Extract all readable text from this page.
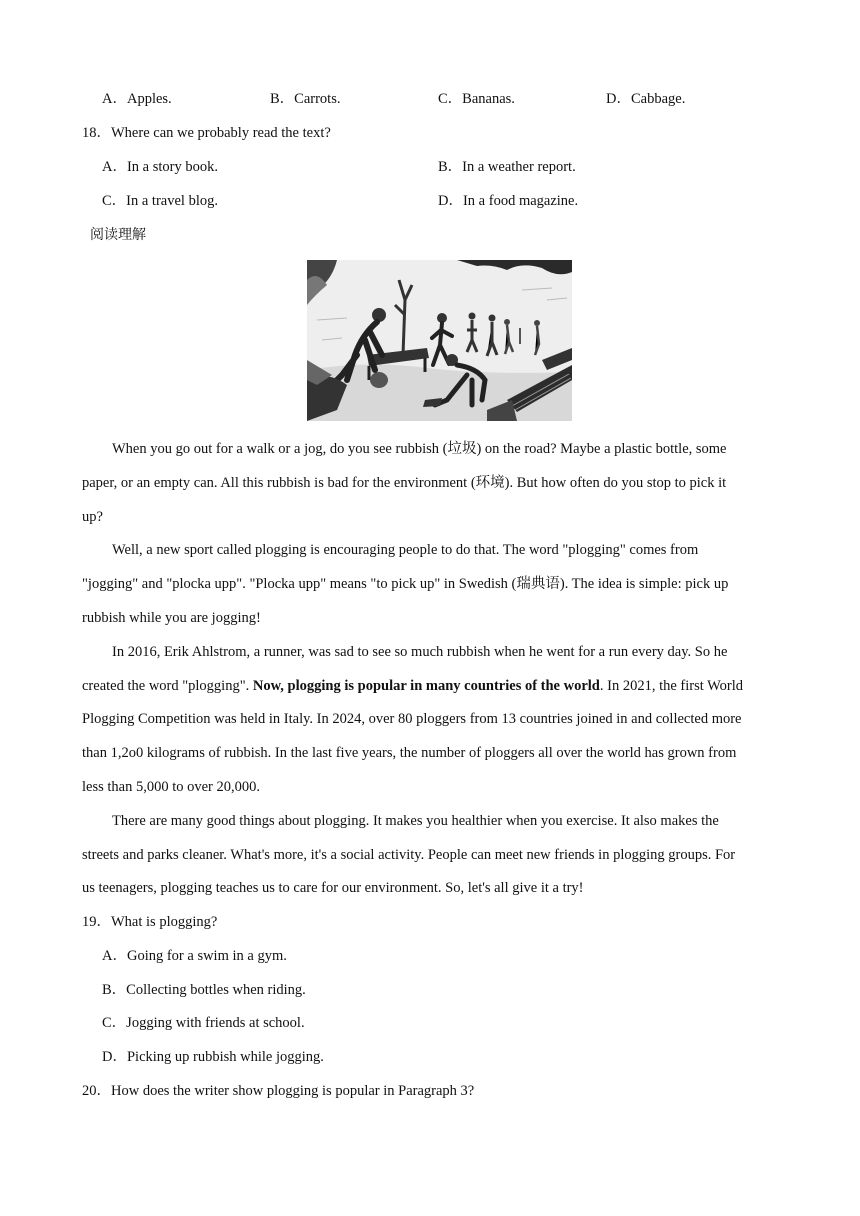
A．Apples.	B．Carrots.	C．Bananas.	D．Cabbage.
18．Where can we probably read the text?
A．In a story book.	B．In a weather report.
C．In a travel blog.	D．In a food magazine.
阅读理解
When you go out for a walk or a jog, do you see rubbish (垃圾) on the road? Maybe a plastic bottle, some
paper, or an empty can. All this rubbish is bad for the environment (环境). But how often do you stop to pick it
up?
Well, a new sport called plogging is encouraging people to do that. The word "plogging" comes from
"jogging" and "plocka upp". "Plocka upp" means "to pick up" in Swedish (瑞典语). The idea is simple: pick up
rubbish while you are jogging!
In 2016, Erik Ahlstrom, a runner, was sad to see so much rubbish when he went for a run every day. So he
created the word "plogging". Now, plogging is popular in many countries of the world. In 2021, the first World
Plogging Competition was held in Italy. In 2024, over 80 ploggers from 13 countries joined in and collected more
than 1,2o0 kilograms of rubbish. In the last five years, the number of ploggers all over the world has grown from
less than 5,000 to over 20,000.
There are many good things about plogging. It makes you healthier when you exercise. It also makes the
streets and parks cleaner. What's more, it's a social activity. People can meet new friends in plogging groups. For
us teenagers, plogging teaches us to care for our environment. So, let's all give it a try!
19．What is plogging?
A．Going for a swim in a gym.
B．Collecting bottles when riding.
C．Jogging with friends at school.
D．Picking up rubbish while jogging.
20．How does the writer show plogging is popular in Paragraph 3?
